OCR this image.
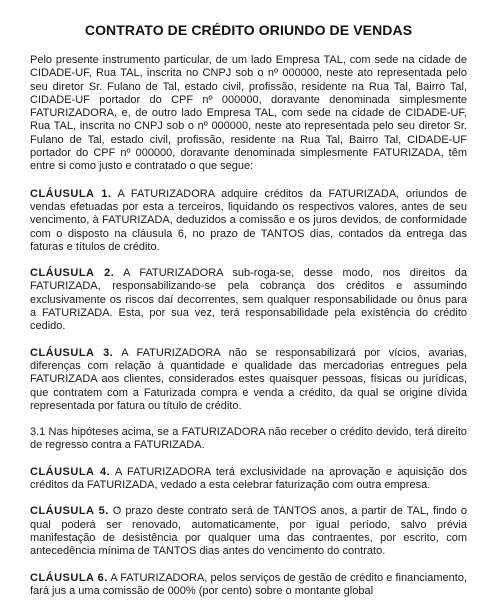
CONTRATO DE CRÉDITO ORIUNDO DE VENDAS

Pelo presente instrumento particular, de um lado Empresa TAL, com sede na cidade de CIDADE-UF, Rua TAL, inscrita no CNPJ sob o nº 000000, neste ato representada pelo seu diretor Sr. Fulano de Tal, estado civil, profissão, residente na Rua Tal, Bairro Tal, CIDADE-UF portador do CPF nº 000000, doravante denominada simplesmente FATURIZADORA, e, de outro lado Empresa TAL, com sede na cidade de CIDADE-UF, Rua TAL, inscrita no CNPJ sob o nº 000000, neste ato representada pelo seu diretor Sr. Fulano de Tal, estado civil, profissão, residente na Rua Tal, Bairro Tal, CIDADE-UF portador do CPF nº 000000, doravante denominada simplesmente FATURIZADA, têm entre si como justo e contratado o que segue:

CLÁUSULA 1. A FATURIZADORA adquire créditos da FATURIZADA, oriundos de vendas efetuadas por esta a terceiros, liquidando os respectivos valores, antes de seu vencimento, à FATURIZADA, deduzidos a comissão e os juros devidos, de conformidade com o disposto na cláusula 6, no prazo de TANTOS dias, contados da entrega das faturas e títulos de crédito.

CLÁUSULA 2. A FATURIZADORA sub-roga-se, desse modo, nos direitos da FATURIZADA, responsabilizando-se pela cobrança dos créditos e assumindo exclusivamente os riscos daí decorrentes, sem qualquer responsabilidade ou ônus para a FATURIZADA. Esta, por sua vez, terá responsabilidade pela existência do crédito cedido.

CLÁUSULA 3. A FATURIZADORA não se responsabilizará por vícios, avarias, diferenças com relação à quantidade e qualidade das mercadorias entregues pela FATURIZADA aos clientes, considerados estes quaisquer pessoas, físicas ou jurídicas, que contratem com a Faturizada compra e venda a crédito, da qual se origine dívida representada por fatura ou título de crédito.

3.1 Nas hipóteses acima, se a FATURIZADORA não receber o crédito devido, terá direito de regresso contra a FATURIZADA.

CLÁUSULA 4. A FATURIZADORA terá exclusividade na aprovação e aquisição dos créditos da FATURIZADA, vedado a esta celebrar faturização com outra empresa.

CLÁUSULA 5. O prazo deste contrato será de TANTOS anos, a partir de TAL, findo o qual poderá ser renovado, automaticamente, por igual período, salvo prévia manifestação de desistência por qualquer uma das contraentes, por escrito, com antecedência mínima de TANTOS dias antes do vencimento do contrato.

CLÁUSULA 6. A FATURIZADORA, pelos serviços de gestão de crédito e financiamento, fará jus a uma comissão de 000% (por cento) sobre o montante global
